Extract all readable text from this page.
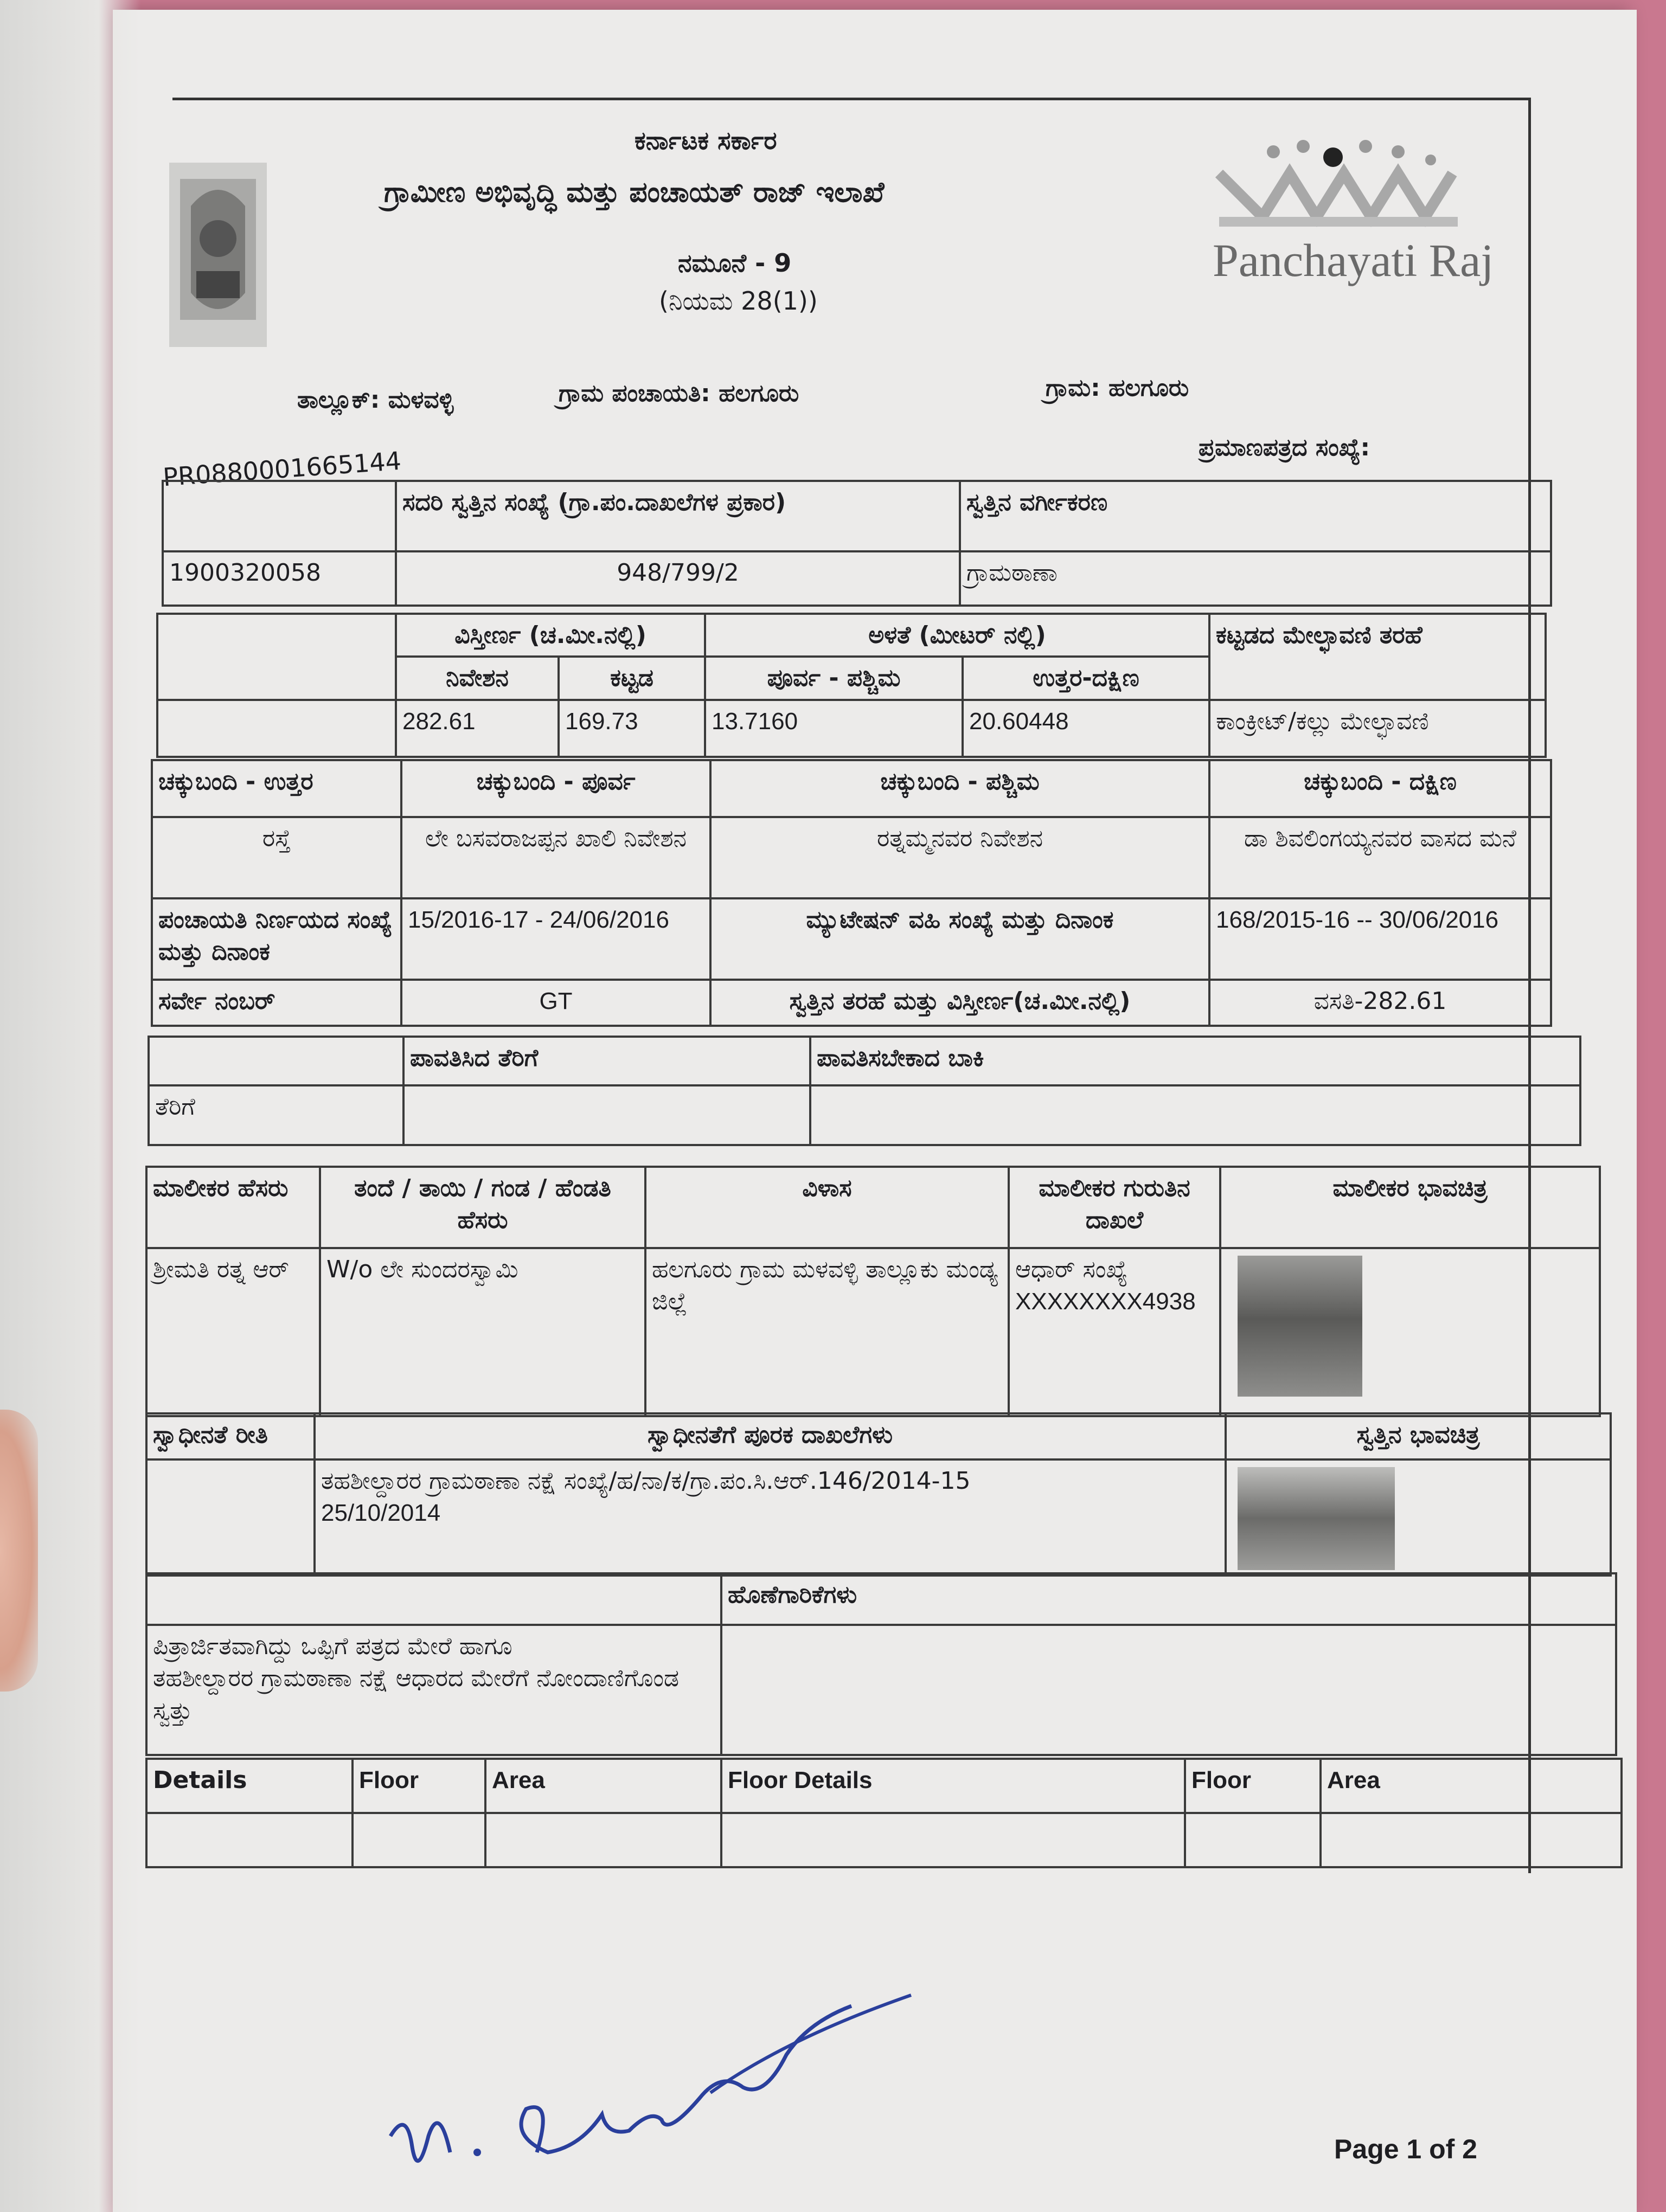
Panchayati Raj
ಕರ್ನಾಟಕ ಸರ್ಕಾರ
ಗ್ರಾಮೀಣ ಅಭಿವೃದ್ಧಿ ಮತ್ತು ಪಂಚಾಯತ್ ರಾಜ್ ಇಲಾಖೆ
ನಮೂನೆ - 9
(ನಿಯಮ 28(1))
ತಾಲ್ಲೂಕ್: ಮಳವಳ್ಳಿ	ಗ್ರಾಮ ಪಂಚಾಯತಿ: ಹಲಗೂರು	ಗ್ರಾಮ: ಹಲಗೂರು
ಪ್ರಮಾಣಪತ್ರದ ಸಂಖ್ಯೆ:
PR0880001665144
	ಸದರಿ ಸ್ವತ್ತಿನ ಸಂಖ್ಯೆ (ಗ್ರಾ.ಪಂ.ದಾಖಲೆಗಳ ಪ್ರಕಾರ)	ಸ್ವತ್ತಿನ ವರ್ಗೀಕರಣ
1900320058	948/799/2	ಗ್ರಾಮಠಾಣಾ
	ವಿಸ್ತೀರ್ಣ (ಚ.ಮೀ.ನಲ್ಲಿ)		ಅಳತೆ (ಮೀಟರ್ ನಲ್ಲಿ)		ಕಟ್ಟಡದ ಮೇಲ್ಛಾವಣಿ ತರಹೆ
	ನಿವೇಶನ	ಕಟ್ಟಡ	ಪೂರ್ವ - ಪಶ್ಚಿಮ	ಉತ್ತರ-ದಕ್ಷಿಣ	
	282.61	169.73	13.7160	20.60448	ಕಾಂಕ್ರೀಟ್/ಕಲ್ಲು ಮೇಲ್ಛಾವಣಿ
ಚಕ್ಕುಬಂದಿ - ಉತ್ತರ	ಚಕ್ಕುಬಂದಿ - ಪೂರ್ವ	ಚಕ್ಕುಬಂದಿ - ಪಶ್ಚಿಮ	ಚಕ್ಕುಬಂದಿ - ದಕ್ಷಿಣ
ರಸ್ತೆ	ಲೇ ಬಸವರಾಜಪ್ಪನ ಖಾಲಿ ನಿವೇಶನ	ರತ್ನಮ್ಮನವರ ನಿವೇಶನ	ಡಾ ಶಿವಲಿಂಗಯ್ಯನವರ ವಾಸದ ಮನೆ
ಪಂಚಾಯತಿ ನಿರ್ಣಯದ ಸಂಖ್ಯೆ ಮತ್ತು ದಿನಾಂಕ	15/2016-17 - 24/06/2016	ಮ್ಯುಟೇಷನ್ ವಹಿ ಸಂಖ್ಯೆ ಮತ್ತು ದಿನಾಂಕ	168/2015-16 -- 30/06/2016
ಸರ್ವೇ ನಂಬರ್	GT	ಸ್ವತ್ತಿನ ತರಹೆ ಮತ್ತು ವಿಸ್ತೀರ್ಣ(ಚ.ಮೀ.ನಲ್ಲಿ)	ವಸತಿ-282.61
	ಪಾವತಿಸಿದ ತೆರಿಗೆ	ಪಾವತಿಸಬೇಕಾದ ಬಾಕಿ
ತೆರಿಗೆ		
ಮಾಲೀಕರ ಹೆಸರು	ತಂದೆ / ತಾಯಿ / ಗಂಡ / ಹೆಂಡತಿ ಹೆಸರು	ವಿಳಾಸ	ಮಾಲೀಕರ ಗುರುತಿನ ದಾಖಲೆ	ಮಾಲೀಕರ ಭಾವಚಿತ್ರ
ಶ್ರೀಮತಿ ರತ್ನ ಆರ್	W/o ಲೇ ಸುಂದರಸ್ವಾಮಿ	ಹಲಗೂರು ಗ್ರಾಮ ಮಳವಳ್ಳಿ ತಾಲ್ಲೂಕು ಮಂಡ್ಯ ಜಿಲ್ಲೆ	ಆಧಾರ್ ಸಂಖ್ಯೆ
XXXXXXXX4938	

ಸ್ವಾಧೀನತೆ ರೀತಿ	ಸ್ವಾಧೀನತೆಗೆ ಪೂರಕ ದಾಖಲೆಗಳು	ಸ್ವತ್ತಿನ ಭಾವಚಿತ್ರ

	ತಹಶೀಲ್ದಾರರ ಗ್ರಾಮಠಾಣಾ ನಕ್ಷೆ ಸಂಖ್ಯೆ/ಹ/ನಾ/ಕ/ಗ್ರಾ.ಪಂ.ಸಿ.ಆರ್.146/2014-15
25/10/2014	

	ಹೊಣೆಗಾರಿಕೆಗಳು

ಪಿತ್ರಾರ್ಜಿತವಾಗಿದ್ದು ಒಪ್ಪಿಗೆ ಪತ್ರದ ಮೇರೆ ಹಾಗೂ
ತಹಶೀಲ್ದಾರರ ಗ್ರಾಮಠಾಣಾ ನಕ್ಷೆ ಆಧಾರದ ಮೇರೆಗೆ ನೋಂದಾಣಿಗೊಂಡ
ಸ್ವತ್ತು	

Details	Floor	Area	Floor Details	Floor	Area

Page 1 of 2
